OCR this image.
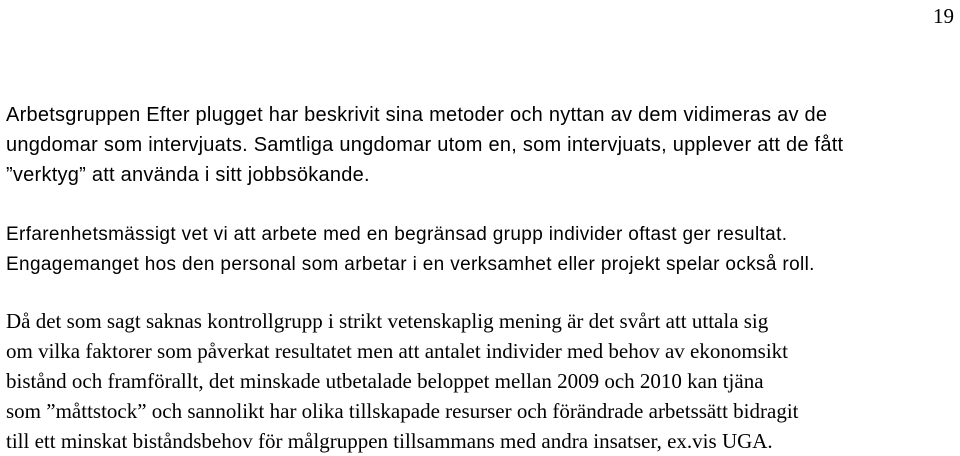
19

Arbetsgruppen Efter plugget har beskrivit sina metoder och nyttan av dem vidimeras av de
ungdomar som intervjuats. Samtliga ungdomar utom en, som intervjuats, upplever att de fått
”verktyg” att använda i sitt jobbsökande.

Erfarenhetsmässigt vet vi att arbete med en begränsad grupp individer oftast ger resultat.
Engagemanget hos den personal som arbetar i en verksamhet eller projekt spelar också roll.

Då det som sagt saknas kontrollgrupp i strikt vetenskaplig mening är det svårt att uttala sig
om vilka faktorer som påverkat resultatet men att antalet individer med behov av ekonomsikt
bistånd och framförallt, det minskade utbetalade beloppet mellan 2009 och 2010 kan tjäna
som ”måttstock” och sannolikt har olika tillskapade resurser och förändrade arbetssätt bidragit
till ett minskat biståndsbehov för målgruppen tillsammans med andra insatser, ex.vis UGA.
